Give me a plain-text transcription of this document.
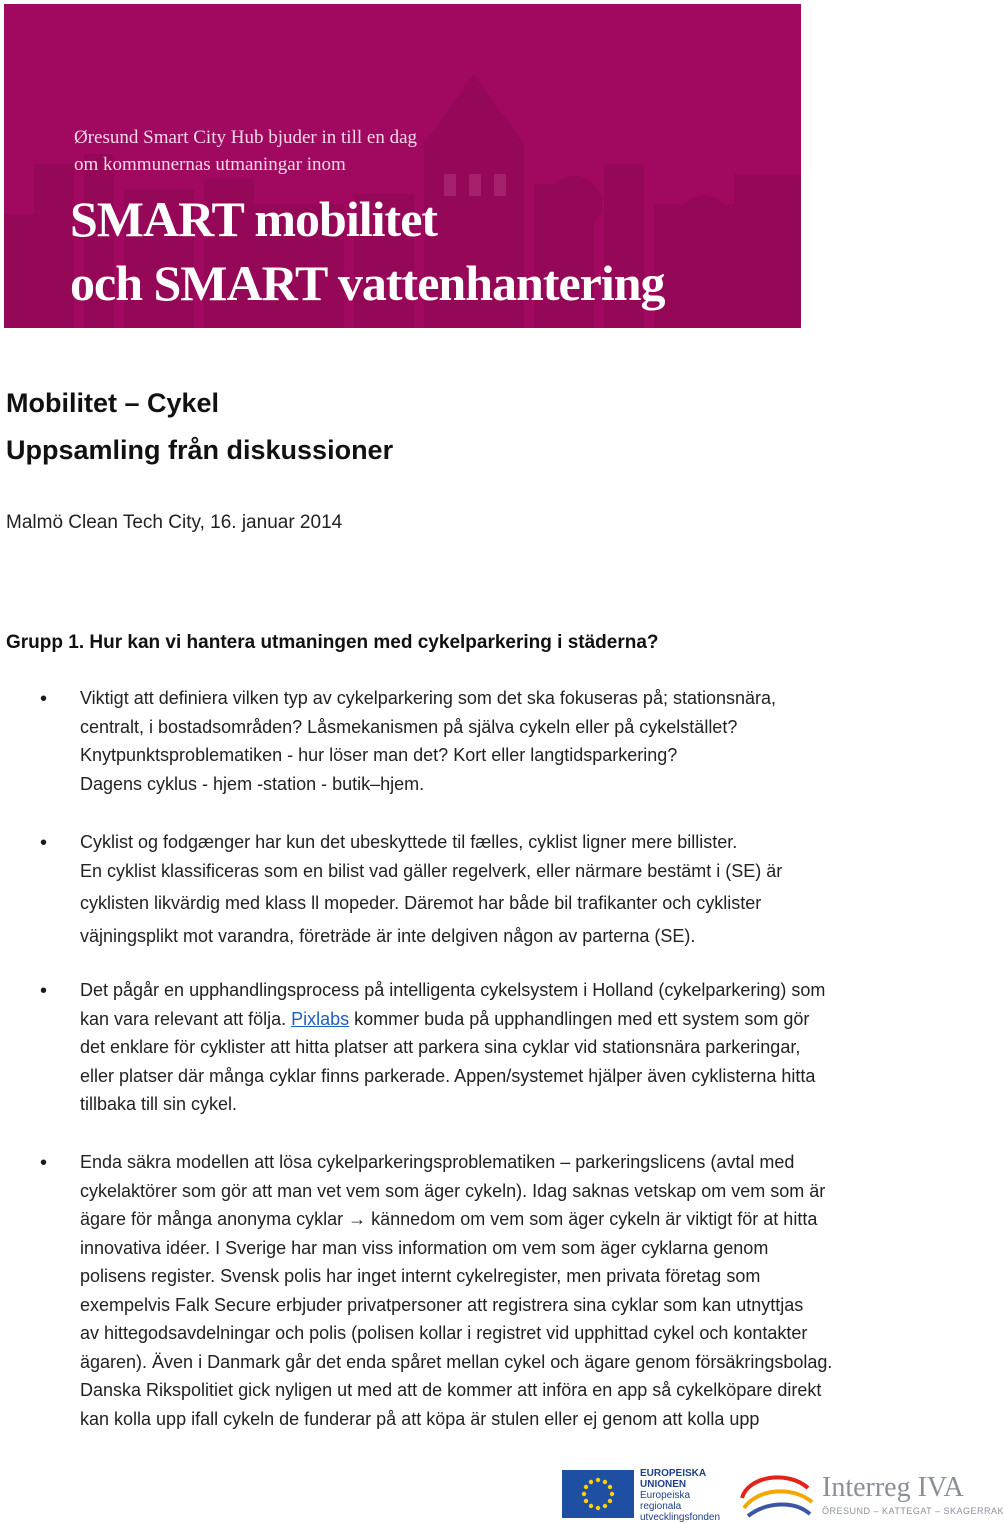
Øresund Smart City Hub bjuder in till en dag
om kommunernas utmaningar inom
SMART mobilitet
och SMART vattenhantering
Mobilitet – Cykel
Uppsamling från diskussioner
Malmö Clean Tech City, 16. januar 2014
Grupp 1. Hur kan vi hantera utmaningen med cykelparkering i städerna?
• Viktigt att definiera vilken typ av cykelparkering som det ska fokuseras på; stationsnära,

centralt, i bostadsområden? Låsmekanismen på själva cykeln eller på cykelstället?

Knytpunktsproblematiken - hur löser man det? Kort eller langtidsparkering?

Dagens cyklus - hjem -station - butik–hjem.

• Cyklist og fodgænger har kun det ubeskyttede til fælles, cyklist ligner mere billister.

En cyklist klassificeras som en bilist vad gäller regelverk, eller närmare bestämt i (SE) är

cyklisten likvärdig med klass ll mopeder. Däremot har både bil trafikanter och cyklister

väjningsplikt mot varandra, företräde är inte delgiven någon av parterna (SE).

• Det pågår en upphandlingsprocess på intelligenta cykelsystem i Holland (cykelparkering) som

kan vara relevant att följa. Pixlabs kommer buda på upphandlingen med ett system som gör

det enklare för cyklister att hitta platser att parkera sina cyklar vid stationsnära parkeringar,

eller platser där många cyklar finns parkerade. Appen/systemet hjälper även cyklisterna hitta

tillbaka till sin cykel.

• Enda säkra modellen att lösa cykelparkeringsproblematiken – parkeringslicens (avtal med

cykelaktörer som gör att man vet vem som äger cykeln). Idag saknas vetskap om vem som är

ägare för många anonyma cyklar → kännedom om vem som äger cykeln är viktigt för at hitta

innovativa idéer. I Sverige har man viss information om vem som äger cyklarna genom

polisens register. Svensk polis har inget internt cykelregister, men privata företag som

exempelvis Falk Secure erbjuder privatpersoner att registrera sina cyklar som kan utnyttjas

av hittegodsavdelningar och polis (polisen kollar i registret vid upphittad cykel och kontakter

ägaren). Även i Danmark går det enda spåret mellan cykel och ägare genom försäkringsbolag.

Danska Rikspolitiet gick nyligen ut med att de kommer att införa en app så cykelköpare direkt

kan kolla upp ifall cykeln de funderar på att köpa är stulen eller ej genom att kolla upp

EUROPEISKA
UNIONEN
Europeiska
regionala
utvecklingsfonden
Interreg IVA
ÖRESUND – KATTEGAT – SKAGERRAK
